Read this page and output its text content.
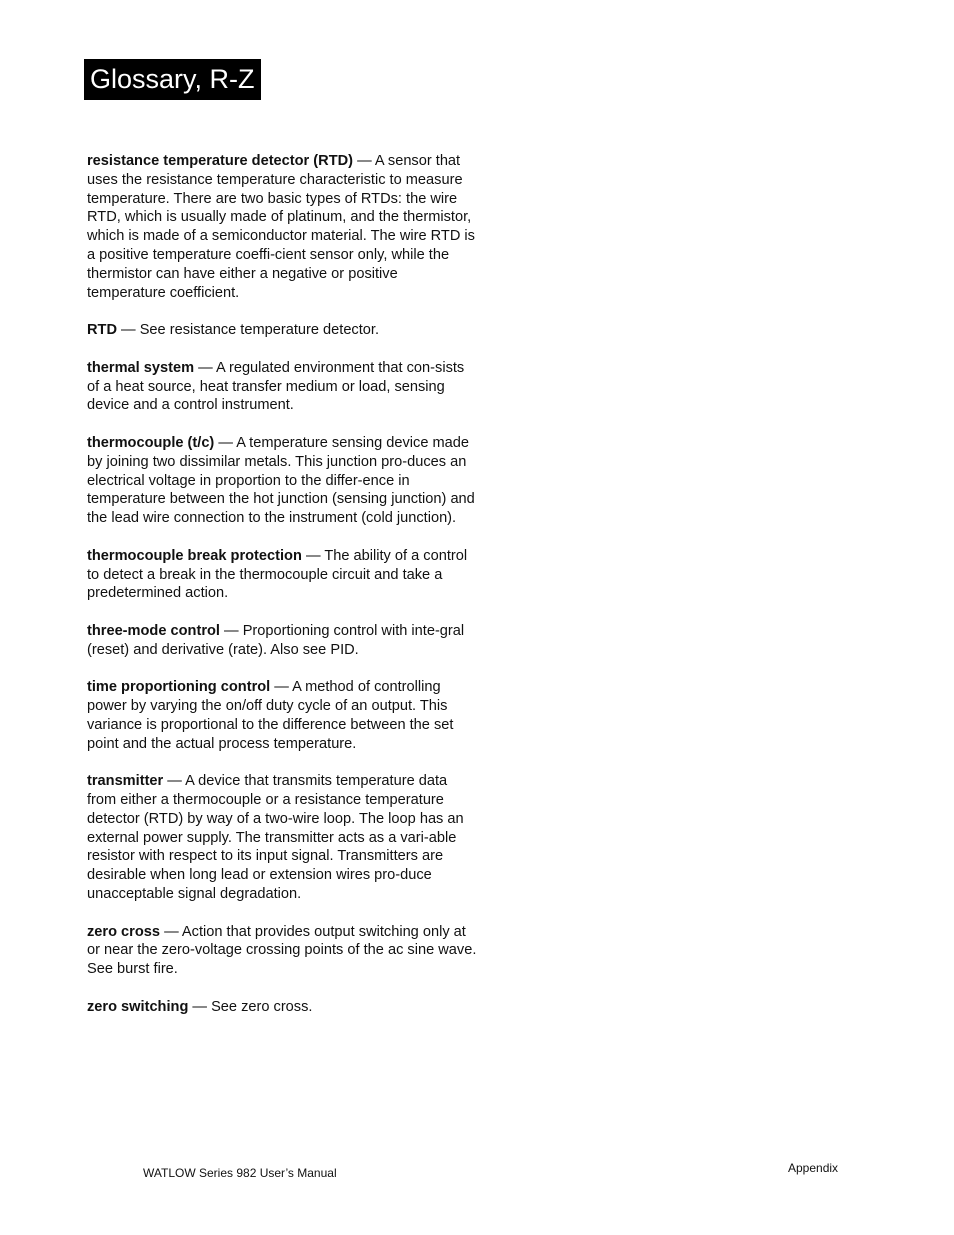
Glossary, R-Z

resistance temperature detector (RTD) — A sensor that uses the resistance temperature characteristic to measure temperature. There are two basic types of RTDs: the wire RTD, which is usually made of platinum, and the thermistor, which is made of a semiconductor material. The wire RTD is a positive temperature coeffi-cient sensor only, while the thermistor can have either a negative or positive temperature coefficient.

RTD — See resistance temperature detector.

thermal system — A regulated environment that con-sists of a heat source, heat transfer medium or load, sensing device and a control instrument.

thermocouple (t/c) — A temperature sensing device made by joining two dissimilar metals. This junction pro-duces an electrical voltage in proportion to the differ-ence in temperature between the hot junction (sensing junction) and the lead wire connection to the instrument (cold junction).

thermocouple break protection — The ability of a control to detect a break in the thermocouple circuit and take a predetermined action.

three-mode control — Proportioning control with inte-gral (reset) and derivative (rate). Also see PID.

time proportioning control — A method of controlling power by varying the on/off duty cycle of an output. This variance is proportional to the difference between the set point and the actual process temperature.

transmitter — A device that transmits temperature data from either a thermocouple or a resistance temperature detector (RTD) by way of a two-wire loop. The loop has an external power supply. The transmitter acts as a vari-able resistor with respect to its input signal. Transmitters are desirable when long lead or extension wires pro-duce unacceptable signal degradation.

zero cross — Action that provides output switching only at or near the zero-voltage crossing points of the ac sine wave. See burst fire.

zero switching — See zero cross.

WATLOW Series 982 User’s Manual	Appendix
